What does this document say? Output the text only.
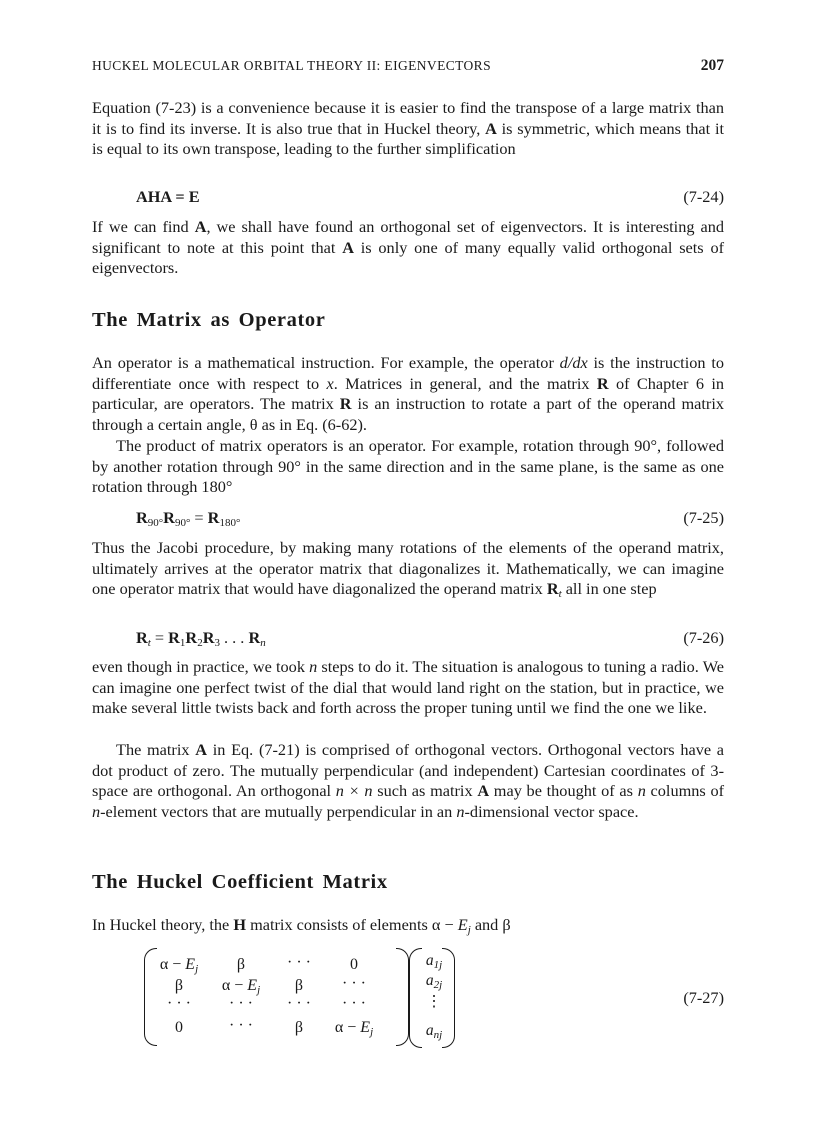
HUCKEL MOLECULAR ORBITAL THEORY II: EIGENVECTORS	207
Equation (7-23) is a convenience because it is easier to find the transpose of a large matrix than it is to find its inverse. It is also true that in Huckel theory, A is symmetric, which means that it is equal to its own transpose, leading to the further simplification
AHA = E	(7-24)
If we can find A, we shall have found an orthogonal set of eigenvectors. It is interesting and significant to note at this point that A is only one of many equally valid orthogonal sets of eigenvectors.
The Matrix as Operator
An operator is a mathematical instruction. For example, the operator d/dx is the instruction to differentiate once with respect to x. Matrices in general, and the matrix R of Chapter 6 in particular, are operators. The matrix R is an instruction to rotate a part of the operand matrix through a certain angle, θ as in Eq. (6-62).
The product of matrix operators is an operator. For example, rotation through 90°, followed by another rotation through 90° in the same direction and in the same plane, is the same as one rotation through 180°
$R_{90^\circ}R_{90^\circ} = R_{180^\circ}$	(7-25)
Thus the Jacobi procedure, by making many rotations of the elements of the operand matrix, ultimately arrives at the operator matrix that diagonalizes it. Mathematically, we can imagine one operator matrix that would have diagonalized the operand matrix $R_t$ all in one step
$R_t = R_1R_2R_3$ . . . $R_n$	(7-26)
even though in practice, we took n steps to do it. The situation is analogous to tuning a radio. We can imagine one perfect twist of the dial that would land right on the station, but in practice, we make several little twists back and forth across the proper tuning until we find the one we like.
The matrix A in Eq. (7-21) is comprised of orthogonal vectors. Orthogonal vectors have a dot product of zero. The mutually perpendicular (and independent) Cartesian coordinates of 3-space are orthogonal. An orthogonal n × n such as matrix A may be thought of as n columns of n-element vectors that are mutually perpendicular in an n-dimensional vector space.
The Huckel Coefficient Matrix
In Huckel theory, the H matrix consists of elements $\alpha - E_j$ and β
$\alpha - E_j$	β	· · ·	0
β	$\alpha - E_j$	β	· · ·
· · ·	· · ·	· · ·	· · ·
0	· · ·	β	$\alpha - E_j$
$a_{1j}$
$a_{2j}$
⋮
$a_{nj}$
(7-27)
